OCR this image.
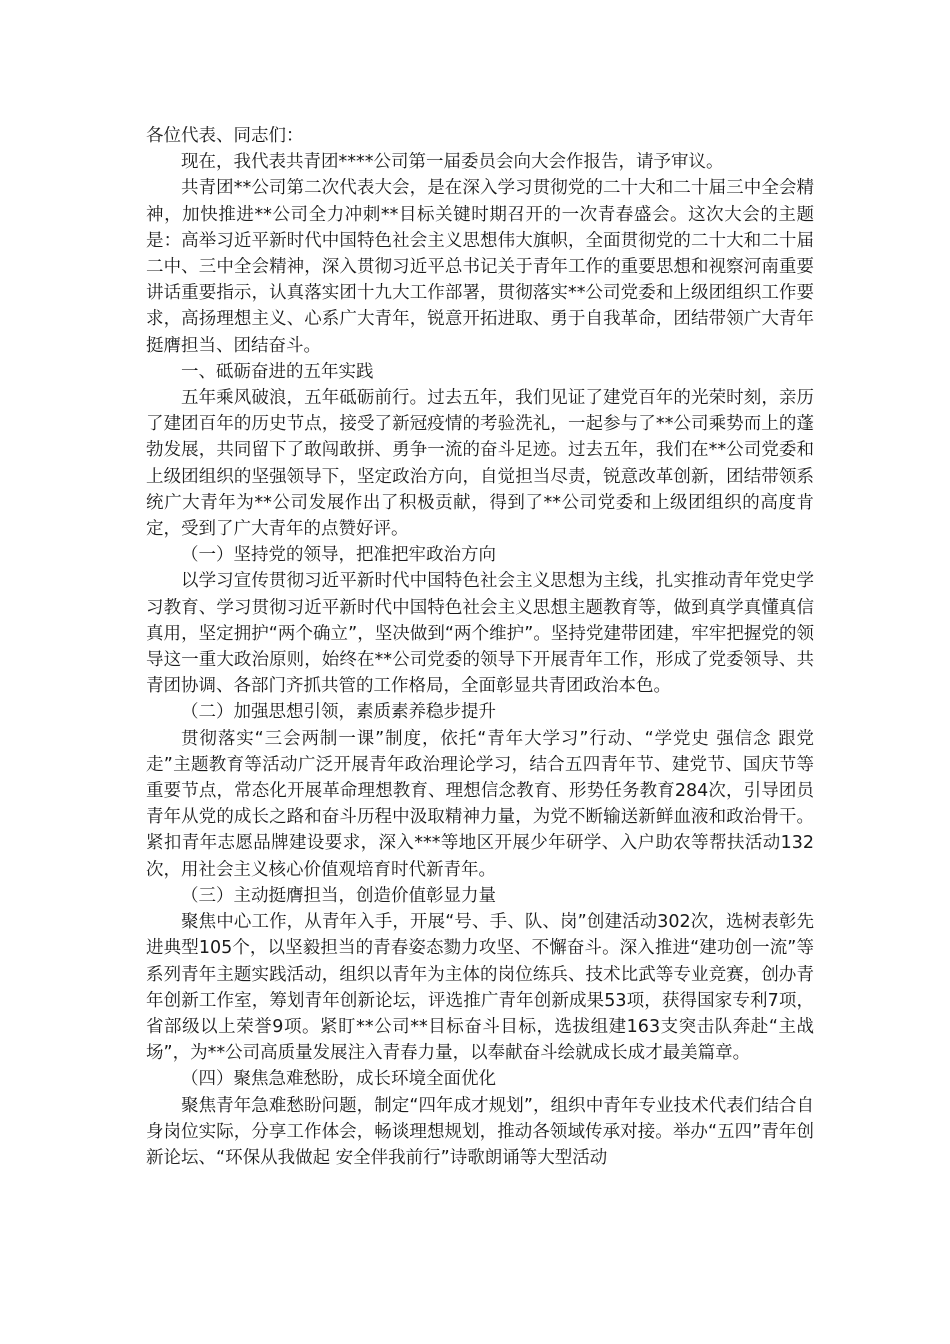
各位代表、同志们：

现在，我代表共青团****公司第一届委员会向大会作报告，请予审议。

共青团**公司第二次代表大会，是在深入学习贯彻党的二十大和二十届三中全会精神，加快推进**公司全力冲刺**目标关键时期召开的一次青春盛会。这次大会的主题是：高举习近平新时代中国特色社会主义思想伟大旗帜，全面贯彻党的二十大和二十届二中、三中全会精神，深入贯彻习近平总书记关于青年工作的重要思想和视察河南重要讲话重要指示，认真落实团十九大工作部署，贯彻落实**公司党委和上级团组织工作要求，高扬理想主义、心系广大青年，锐意开拓进取、勇于自我革命，团结带领广大青年挺膺担当、团结奋斗。

一、砥砺奋进的五年实践

五年乘风破浪，五年砥砺前行。过去五年，我们见证了建党百年的光荣时刻，亲历了建团百年的历史节点，接受了新冠疫情的考验洗礼，一起参与了**公司乘势而上的蓬勃发展，共同留下了敢闯敢拼、勇争一流的奋斗足迹。过去五年，我们在**公司党委和上级团组织的坚强领导下，坚定政治方向，自觉担当尽责，锐意改革创新，团结带领系统广大青年为**公司发展作出了积极贡献，得到了**公司党委和上级团组织的高度肯定，受到了广大青年的点赞好评。

（一）坚持党的领导，把准把牢政治方向

以学习宣传贯彻习近平新时代中国特色社会主义思想为主线，扎实推动青年党史学习教育、学习贯彻习近平新时代中国特色社会主义思想主题教育等，做到真学真懂真信真用，坚定拥护“两个确立”，坚决做到“两个维护”。坚持党建带团建，牢牢把握党的领导这一重大政治原则，始终在**公司党委的领导下开展青年工作，形成了党委领导、共青团协调、各部门齐抓共管的工作格局，全面彰显共青团政治本色。

（二）加强思想引领，素质素养稳步提升

贯彻落实“三会两制一课”制度，依托“青年大学习”行动、“学党史 强信念 跟党走”主题教育等活动广泛开展青年政治理论学习，结合五四青年节、建党节、国庆节等重要节点，常态化开展革命理想教育、理想信念教育、形势任务教育284次，引导团员青年从党的成长之路和奋斗历程中汲取精神力量，为党不断输送新鲜血液和政治骨干。紧扣青年志愿品牌建设要求，深入***等地区开展少年研学、入户助农等帮扶活动132次，用社会主义核心价值观培育时代新青年。

（三）主动挺膺担当，创造价值彰显力量

聚焦中心工作，从青年入手，开展“号、手、队、岗”创建活动302次，选树表彰先进典型105个，以坚毅担当的青春姿态勠力攻坚、不懈奋斗。深入推进“建功创一流”等系列青年主题实践活动，组织以青年为主体的岗位练兵、技术比武等专业竞赛，创办青年创新工作室，筹划青年创新论坛，评选推广青年创新成果53项，获得国家专利7项，省部级以上荣誉9项。紧盯**公司**目标奋斗目标，选拔组建163支突击队奔赴“主战场”，为**公司高质量发展注入青春力量，以奉献奋斗绘就成长成才最美篇章。

（四）聚焦急难愁盼，成长环境全面优化

聚焦青年急难愁盼问题，制定“四年成才规划”，组织中青年专业技术代表们结合自身岗位实际，分享工作体会，畅谈理想规划，推动各领域传承对接。举办“五四”青年创新论坛、“环保从我做起 安全伴我前行”诗歌朗诵等大型活动
